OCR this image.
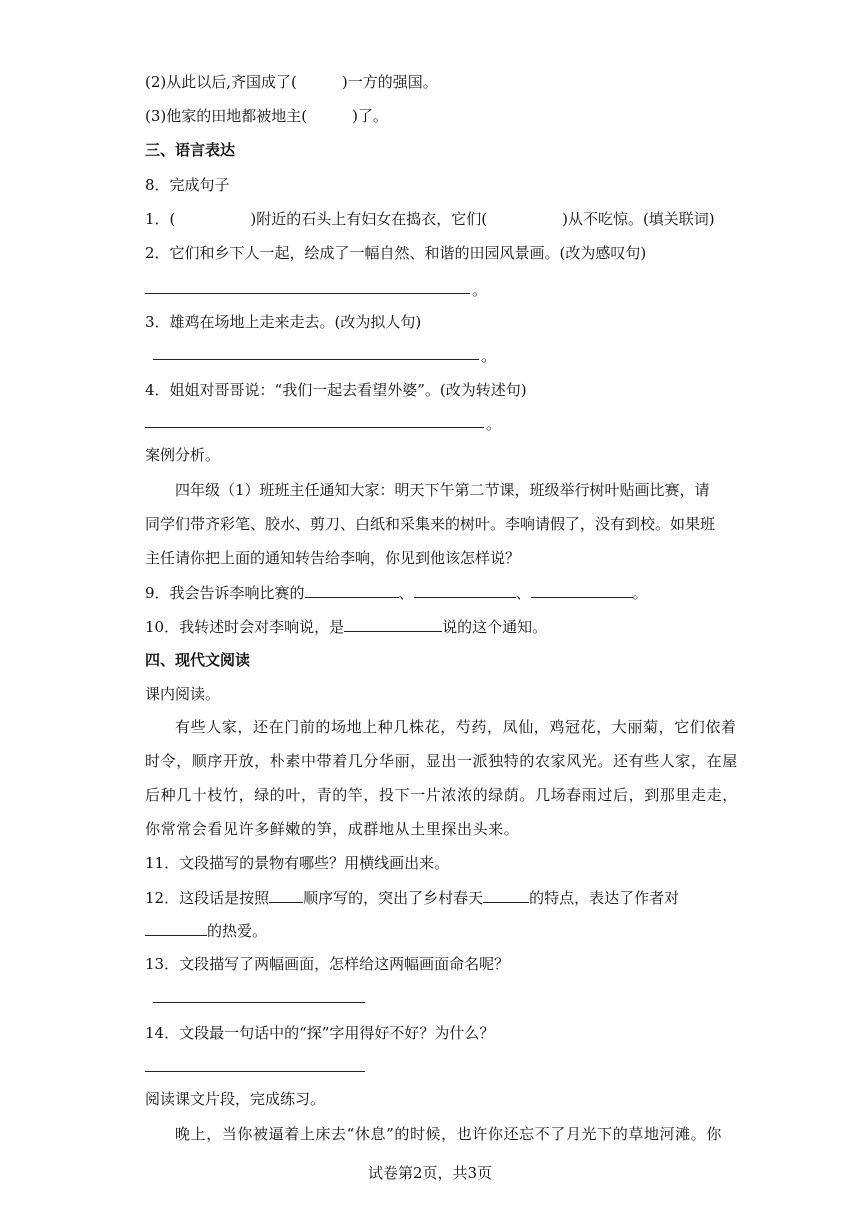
(2)从此以后,齐国成了(　　　)一方的强国。
(3)他家的田地都被地主(　　　)了。
三、语言表达
8．完成句子
1．(　　　　　)附近的石头上有妇女在捣衣，它们(　　　　　)从不吃惊。(填关联词)
2．它们和乡下人一起，绘成了一幅自然、和谐的田园风景画。(改为感叹句)
。
3．雄鸡在场地上走来走去。(改为拟人句)
。
4．姐姐对哥哥说：“我们一起去看望外婆”。(改为转述句)
。
案例分析。
四年级（1）班班主任通知大家：明天下午第二节课，班级举行树叶贴画比赛，请
同学们带齐彩笔、胶水、剪刀、白纸和采集来的树叶。李响请假了，没有到校。如果班
主任请你把上面的通知转告给李响，你见到他该怎样说？
9．我会告诉李响比赛的	、	、	。
10．我转述时会对李响说，是	说的这个通知。
四、现代文阅读
课内阅读。
有些人家，还在门前的场地上种几株花，芍药，凤仙，鸡冠花，大丽菊，它们依着
时令，顺序开放，朴素中带着几分华丽，显出一派独特的农家风光。还有些人家，在屋
后种几十枝竹，绿的叶，青的竿，投下一片浓浓的绿荫。几场春雨过后，到那里走走，
你常常会看见许多鲜嫩的笋，成群地从土里探出头来。
11．文段描写的景物有哪些？用横线画出来。
12．这段话是按照 顺序写的，突出了乡村春天	的特点，表达了作者对
的热爱。
13．文段描写了两幅画面，怎样给这两幅画面命名呢？
14．文段最一句话中的“探”字用得好不好？为什么？
阅读课文片段，完成练习。
晚上，当你被逼着上床去“休息”的时候，也许你还忘不了月光下的草地河滩。你
试卷第2页，共3页
